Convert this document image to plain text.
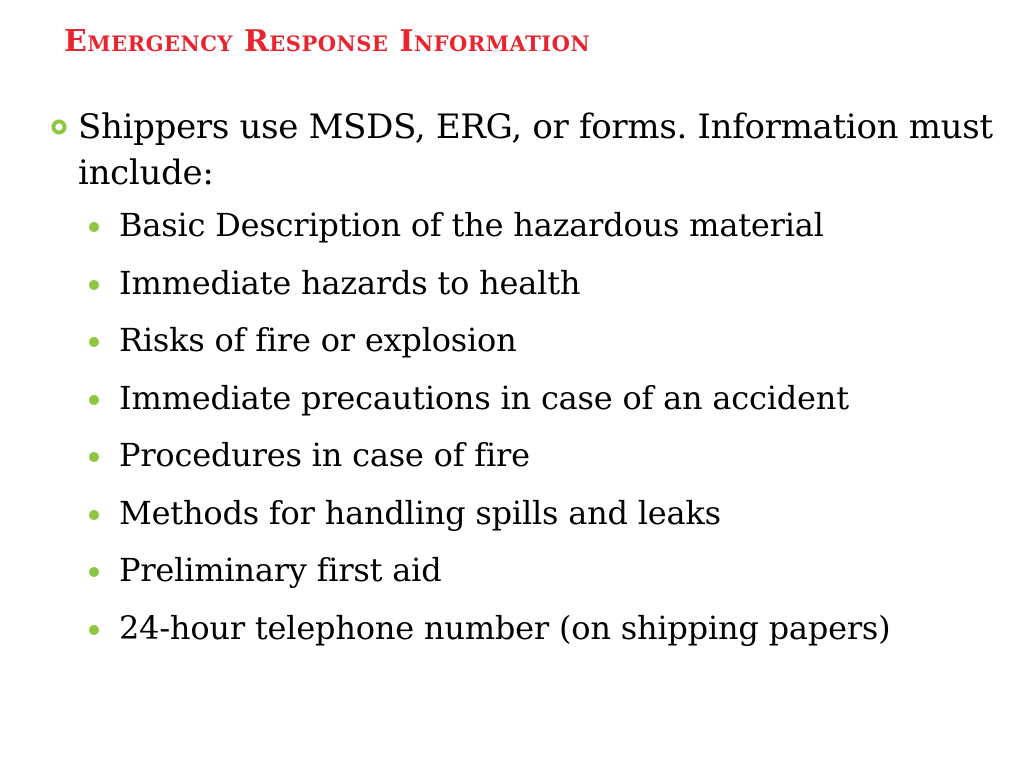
Emergency Response Information
Shippers use MSDS, ERG, or forms. Information must include:
Basic Description of the hazardous material
Immediate hazards to health
Risks of fire or explosion
Immediate precautions in case of an accident
Procedures in case of fire
Methods for handling spills and leaks
Preliminary first aid
24-hour telephone number (on shipping papers)
